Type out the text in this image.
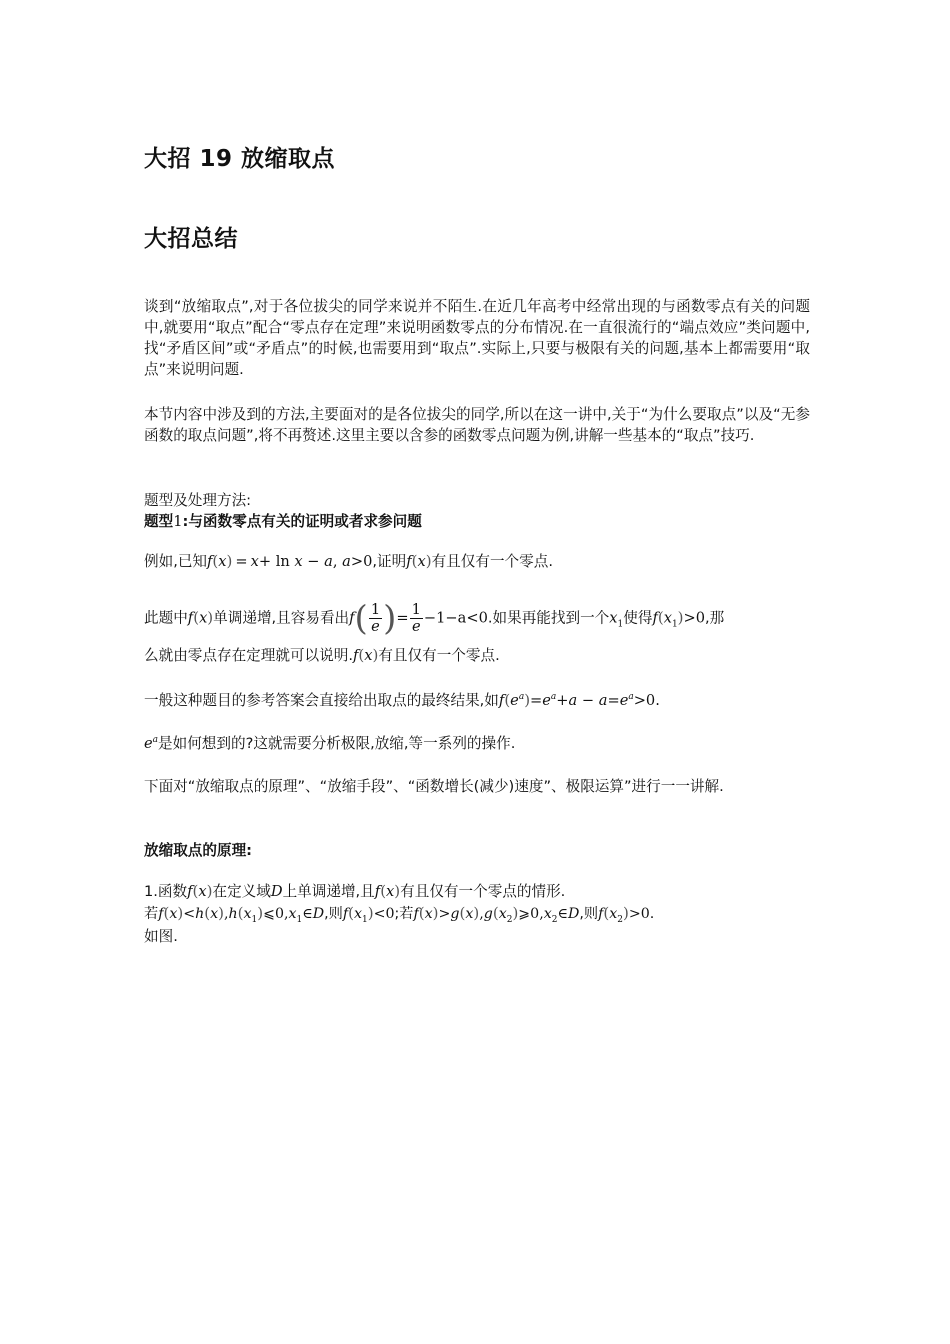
大招 19 放缩取点
大招总结

谈到“放缩取点”,对于各位拔尖的同学来说并不陌生.在近几年高考中经常出现的与函数零点有关的问题中,就要用“取点”配合“零点存在定理”来说明函数零点的分布情况.在一直很流行的“端点效应”类问题中,找“矛盾区间”或“矛盾点”的时候,也需要用到“取点”.实际上,只要与极限有关的问题,基本上都需要用“取点”来说明问题.

本节内容中涉及到的方法,主要面对的是各位拔尖的同学,所以在这一讲中,关于“为什么要取点”以及“无参函数的取点问题”,将不再赘述.这里主要以含参的函数零点问题为例,讲解一些基本的“取点”技巧.

题型及处理方法:

题型1:与函数零点有关的证明或者求参问题

例如,已知f(x) = x+ ln x − a, a>0,证明f(x)有且仅有一个零点.

此题中f(x)单调递增,且容易看出$f( \frac{1}{e}$ )= $\frac{1}{e} -1-a<0$.如果再能找到一个$x_1$使得$f(x_1)>0$,那

么就由零点存在定理就可以说明.f(x)有且仅有一个零点.

一般这种题目的参考答案会直接给出取点的最终结果,如$f(e^a)=e^a+a - a=e^a>0$.

$e^a$是如何想到的?这就需要分析极限,放缩,等一系列的操作.

下面对“放缩取点的原理”、“放缩手段”、“函数增长(减少)速度”、极限运算”进行一一讲解.

放缩取点的原理:

1.函数f(x)在定义域D上单调递增,且f(x)有且仅有一个零点的情形.

若$f(x)<h(x),h(x_1)⩽0,x_1\in D$,则$f(x_1)<0$;若$f(x)>g(x),g(x_2)⩾0,x_2\in D$,则$f(x_2)>0$.

如图.
